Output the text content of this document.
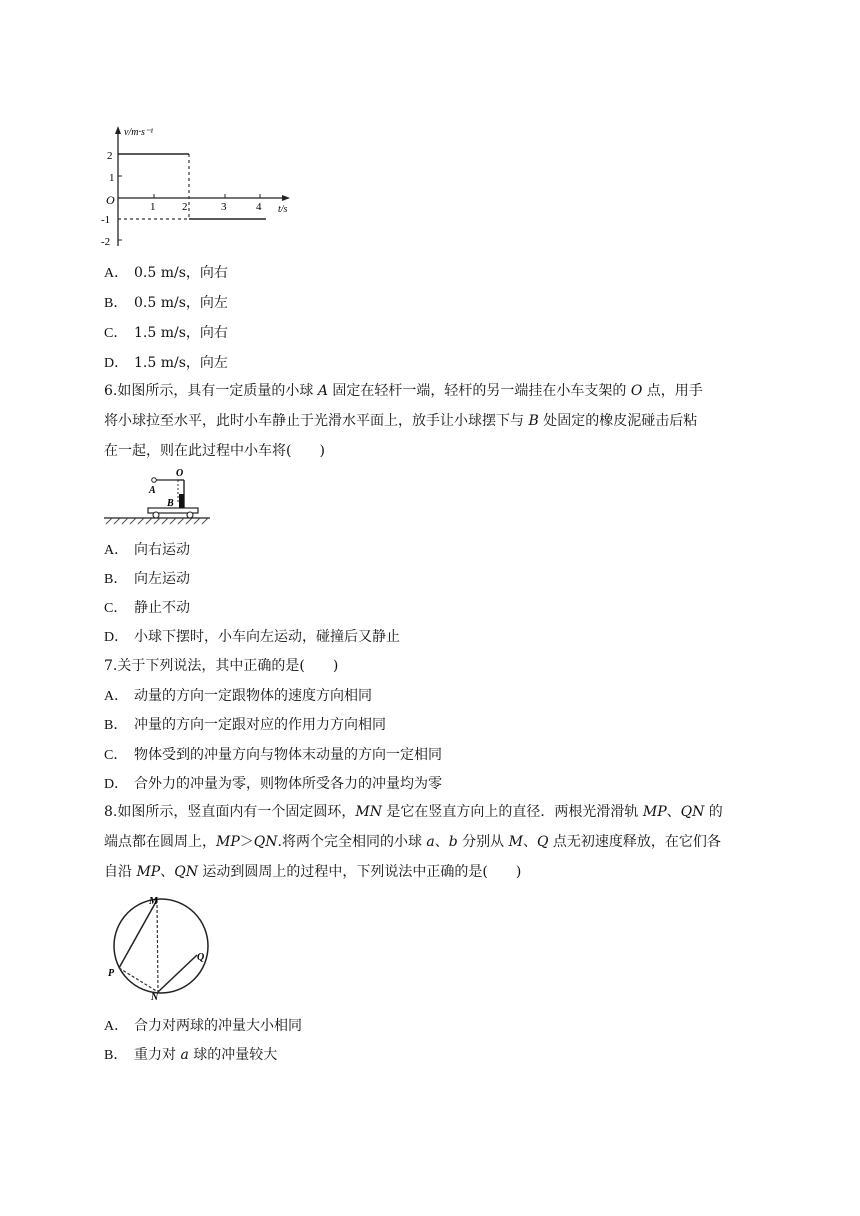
v/m·s⁻¹
t/s
O
2
1
-1
-2
1 2	3	4
A． 0.5 m/s，向右
B． 0.5 m/s，向左
C． 1.5 m/s，向右
D． 1.5 m/s，向左
6.如图所示，具有一定质量的小球 A 固定在轻杆一端，轻杆的另一端挂在小车支架的 O 点，用手
将小球拉至水平，此时小车静止于光滑水平面上，放手让小球摆下与 B 处固定的橡皮泥碰击后粘
在一起，则在此过程中小车将(　　)
O
A
B
A． 向右运动
B． 向左运动
C． 静止不动
D． 小球下摆时，小车向左运动，碰撞后又静止
7.关于下列说法，其中正确的是(　　)
A． 动量的方向一定跟物体的速度方向相同
B． 冲量的方向一定跟对应的作用力方向相同
C． 物体受到的冲量方向与物体末动量的方向一定相同
D． 合外力的冲量为零，则物体所受各力的冲量均为零
8.如图所示，竖直面内有一个固定圆环，MN 是它在竖直方向上的直径．两根光滑滑轨 MP、QN 的
端点都在圆周上，MP＞QN.将两个完全相同的小球 a、b 分别从 M、Q 点无初速度释放，在它们各
自沿 MP、QN 运动到圆周上的过程中，下列说法中正确的是(　　)
M
N
P
Q
A． 合力对两球的冲量大小相同
B． 重力对 a 球的冲量较大
